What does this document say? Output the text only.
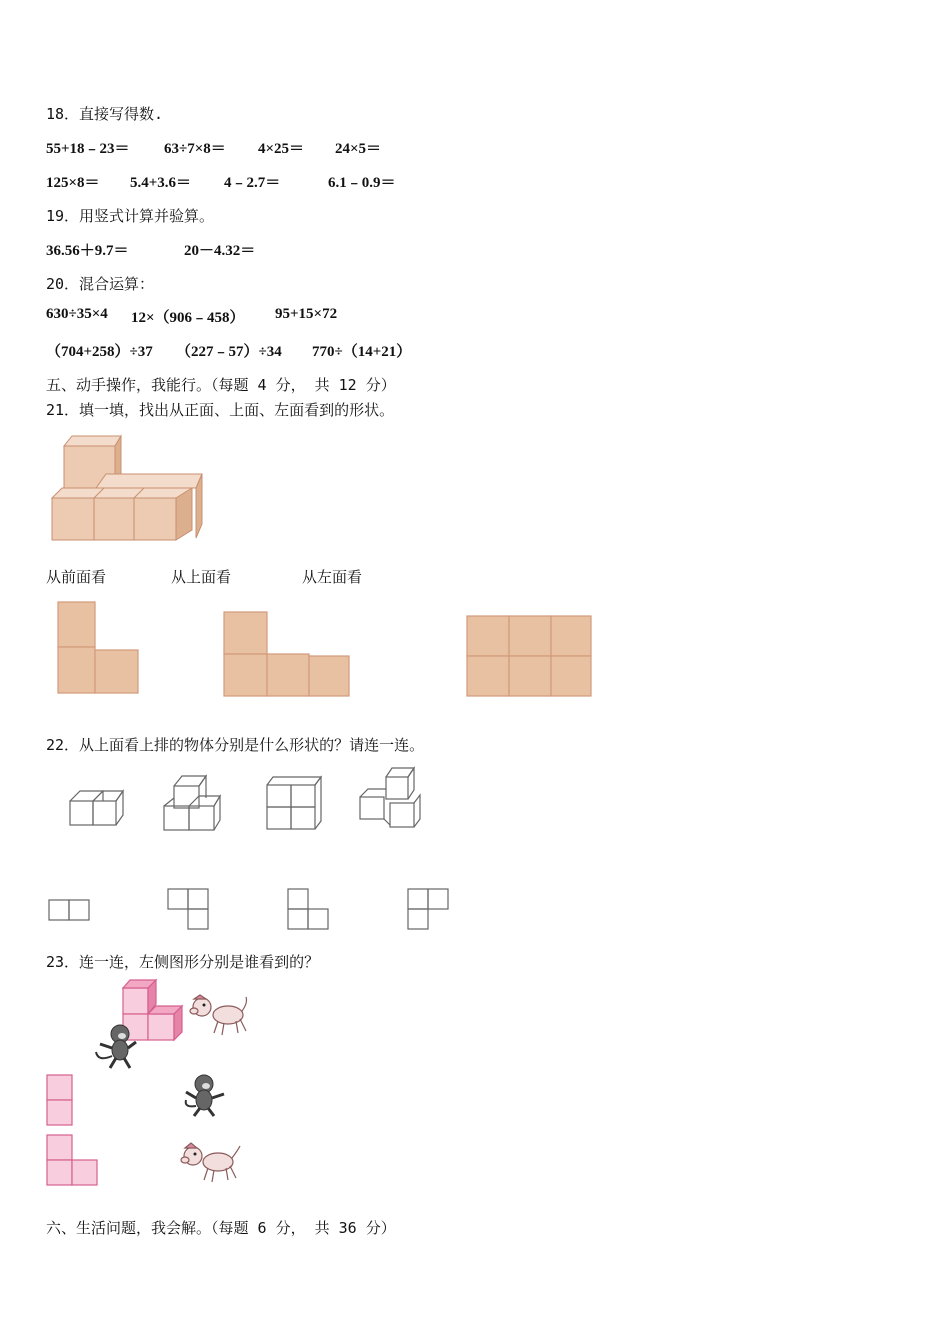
18．直接写得数.
55+18﹣23＝ 63÷7×8＝ 4×25＝ 24×5＝
125×8＝ 5.4+3.6＝ 4﹣2.7＝	6.1﹣0.9＝
19．用竖式计算并验算。
36.56＋9.7＝	20－4.32＝
20．混合运算：
630÷35×4 12×（906﹣458） 95+15×72
（704+258）÷37 （227﹣57）÷34 770÷（14+21）
五、动手操作，我能行。（每题 4 分， 共 12 分）
21．填一填，找出从正面、上面、左面看到的形状。
从前面看	从上面看	从左面看
22．从上面看上排的物体分别是什么形状的？请连一连。
23．连一连，左侧图形分别是谁看到的？
六、生活问题，我会解。（每题 6 分， 共 36 分）
